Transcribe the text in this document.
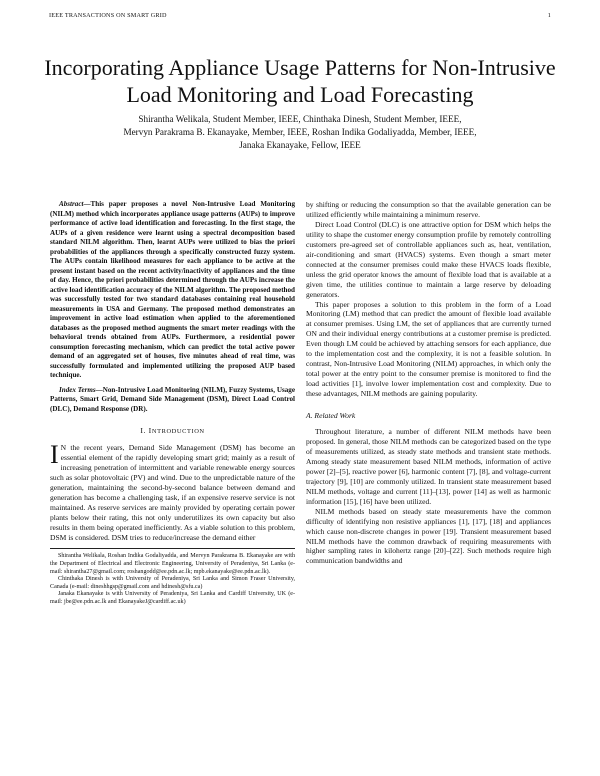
IEEE TRANSACTIONS ON SMART GRID	1
Incorporating Appliance Usage Patterns for Non-Intrusive Load Monitoring and Load Forecasting

Shirantha Welikala, Student Member, IEEE, Chinthaka Dinesh, Student Member, IEEE,

Mervyn Parakrama B. Ekanayake, Member, IEEE, Roshan Indika Godaliyadda, Member, IEEE,

Janaka Ekanayake, Fellow, IEEE

Abstract—This paper proposes a novel Non-Intrusive Load Monitoring (NILM) method which incorporates appliance usage patterns (AUPs) to improve performance of active load identification and forecasting. In the first stage, the AUPs of a given residence were learnt using a spectral decomposition based standard NILM algorithm. Then, learnt AUPs were utilized to bias the priori probabilities of the appliances through a specifically constructed fuzzy system. The AUPs contain likelihood measures for each appliance to be active at the present instant based on the recent activity/inactivity of appliances and the time of day. Hence, the priori probabilities determined through the AUPs increase the active load identification accuracy of the NILM algorithm. The proposed method was successfully tested for two standard databases containing real household measurements in USA and Germany. The proposed method demonstrates an improvement in active load estimation when applied to the aforementioned databases as the proposed method augments the smart meter readings with the behavioral trends obtained from AUPs. Furthermore, a residential power consumption forecasting mechanism, which can predict the total active power demand of an aggregated set of houses, five minutes ahead of real time, was successfully formulated and implemented utilizing the proposed AUP based technique.

Index Terms—Non-Intrusive Load Monitoring (NILM), Fuzzy Systems, Usage Patterns, Smart Grid, Demand Side Management (DSM), Direct Load Control (DLC), Demand Response (DR).

I. INTRODUCTION

I N the recent years, Demand Side Management (DSM) has become an essential element of the rapidly developing smart grid; mainly as a result of increasing penetration of intermittent and variable renewable energy sources such as solar photovoltaic (PV) and wind. Due to the unpredictable nature of the generation, maintaining the second-by-second balance between demand and generation has become a challenging task, if an expensive reserve service is not maintained. As reserve services are mainly provided by operating certain power plants below their rating, this not only underutilizes its own capacity but also results in them being operated inefficiently. As a viable solution to this problem, DSM is considered. DSM tries to reduce/increase the demand either

Shirantha Welikala, Roshan Indika Godaliyadda, and Mervyn Parakrama B. Ekanayake are with the Department of Electrical and Electronic Engineering, University of Peradeniya, Sri Lanka (e-mail: shirantha27@gmail.com; roshangodd@ee.pdn.ac.lk; mpb.ekanayake@ee.pdn.ac.lk).

Chinthaka Dinesh is with University of Peradeniya, Sri Lanka and Simon Fraser University, Canada (e-mail: dineshhgsp@gmail.com and hdinesh@sfu.ca)

Janaka Ekanayake is with University of Peradeniya, Sri Lanka and Cardiff University, UK (e-mail: jbe@ee.pdn.ac.lk and EkanayakeJ@cardiff.ac.uk)

by shifting or reducing the consumption so that the available generation can be utilized efficiently while maintaining a minimum reserve.

Direct Load Control (DLC) is one attractive option for DSM which helps the utility to shape the customer energy consumption profile by remotely controlling customers pre-agreed set of controllable appliances such as, heat, ventilation, air-conditioning and smart (HVACS) systems. Even though a smart meter connected at the consumer premises could make these HVACS loads flexible, unless the grid operator knows the amount of flexible load that is available at a given time, the utilities continue to maintain a large reserve by deloading generators.

This paper proposes a solution to this problem in the form of a Load Monitoring (LM) method that can predict the amount of flexible load available at consumer premises. Using LM, the set of appliances that are currently turned ON and their individual energy contributions at a customer premise is predicted. Even though LM could be achieved by attaching sensors for each appliance, due to the implementation cost and the complexity, it is not a feasible solution. In contrast, Non-Intrusive Load Monitoring (NILM) approaches, in which only the total power at the entry point to the consumer premise is monitored to find the load activities [1], involve lower implementation cost and complexity. Due to these advantages, NILM methods are gaining popularity.

A. Related Work

Throughout literature, a number of different NILM methods have been proposed. In general, those NILM methods can be categorized based on the type of measurements utilized, as steady state methods and transient state methods. Among steady state measurement based NILM methods, information of active power [2]–[5], reactive power [6], harmonic content [7], [8], and voltage-current trajectory [9], [10] are commonly utilized. In transient state measurement based NILM methods, voltage and current [11]–[13], power [14] as well as harmonic information [15], [16] have been utilized.

NILM methods based on steady state measurements have the common difficulty of identifying non resistive appliances [1], [17], [18] and appliances which cause non-discrete changes in power [19]. Transient measurement based NILM methods have the common drawback of requiring measurements with higher sampling rates in kilohertz range [20]–[22]. Such methods require high communication bandwidths and
